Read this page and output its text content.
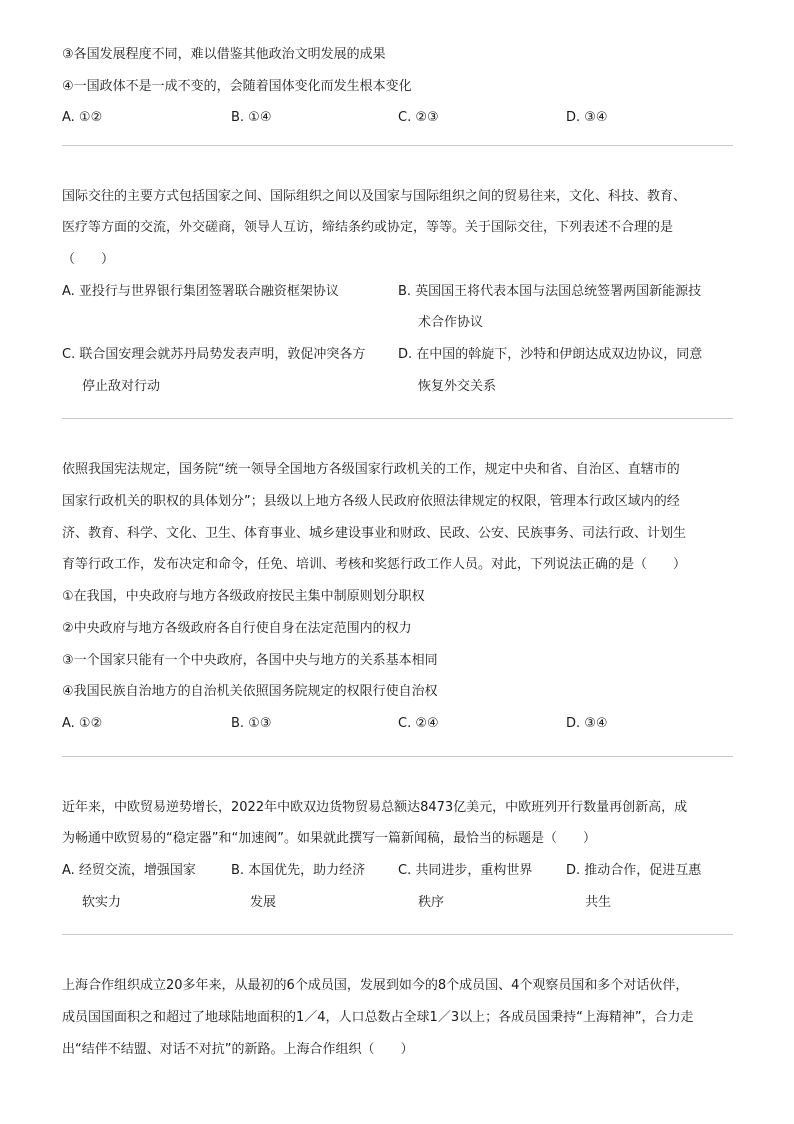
③各国发展程度不同，难以借鉴其他政治文明发展的成果
④一国政体不是一成不变的，会随着国体变化而发生根本变化
A. ①②	B. ①④	C. ②③	D. ③④
国际交往的主要方式包括国家之间、国际组织之间以及国家与国际组织之间的贸易往来，文化、科技、教育、
医疗等方面的交流，外交磋商，领导人互访，缔结条约或协定，等等。关于国际交往，下列表述不合理的是
（　　）
A. 亚投行与世界银行集团签署联合融资框架协议	B. 英国国王将代表本国与法国总统签署两国新能源技
术合作协议
C. 联合国安理会就苏丹局势发表声明，敦促冲突各方
停止敌对行动
D. 在中国的斡旋下，沙特和伊朗达成双边协议，同意
恢复外交关系
依照我国宪法规定，国务院“统一领导全国地方各级国家行政机关的工作，规定中央和省、自治区、直辖市的
国家行政机关的职权的具体划分”；县级以上地方各级人民政府依照法律规定的权限，管理本行政区域内的经
济、教育、科学、文化、卫生、体育事业、城乡建设事业和财政、民政、公安、民族事务、司法行政、计划生
育等行政工作，发布决定和命令，任免、培训、考核和奖惩行政工作人员。对此，下列说法正确的是（　　）
①在我国，中央政府与地方各级政府按民主集中制原则划分职权
②中央政府与地方各级政府各自行使自身在法定范围内的权力
③一个国家只能有一个中央政府，各国中央与地方的关系基本相同
④我国民族自治地方的自治机关依照国务院规定的权限行使自治权
A. ①②	B. ①③	C. ②④	D. ③④
近年来，中欧贸易逆势增长，2022年中欧双边货物贸易总额达8473亿美元，中欧班列开行数量再创新高，成
为畅通中欧贸易的“稳定器”和“加速阀”。如果就此撰写一篇新闻稿，最恰当的标题是（　　）
A. 经贸交流，增强国家
软实力
B. 本国优先，助力经济
发展
C. 共同进步，重构世界
秩序
D. 推动合作，促进互惠
共生
上海合作组织成立20多年来，从最初的6个成员国，发展到如今的8个成员国、4个观察员国和多个对话伙伴，
成员国国面积之和超过了地球陆地面积的1／4，人口总数占全球1／3以上；各成员国秉持“上海精神”，合力走
出“结伴不结盟、对话不对抗”的新路。上海合作组织（　　）
